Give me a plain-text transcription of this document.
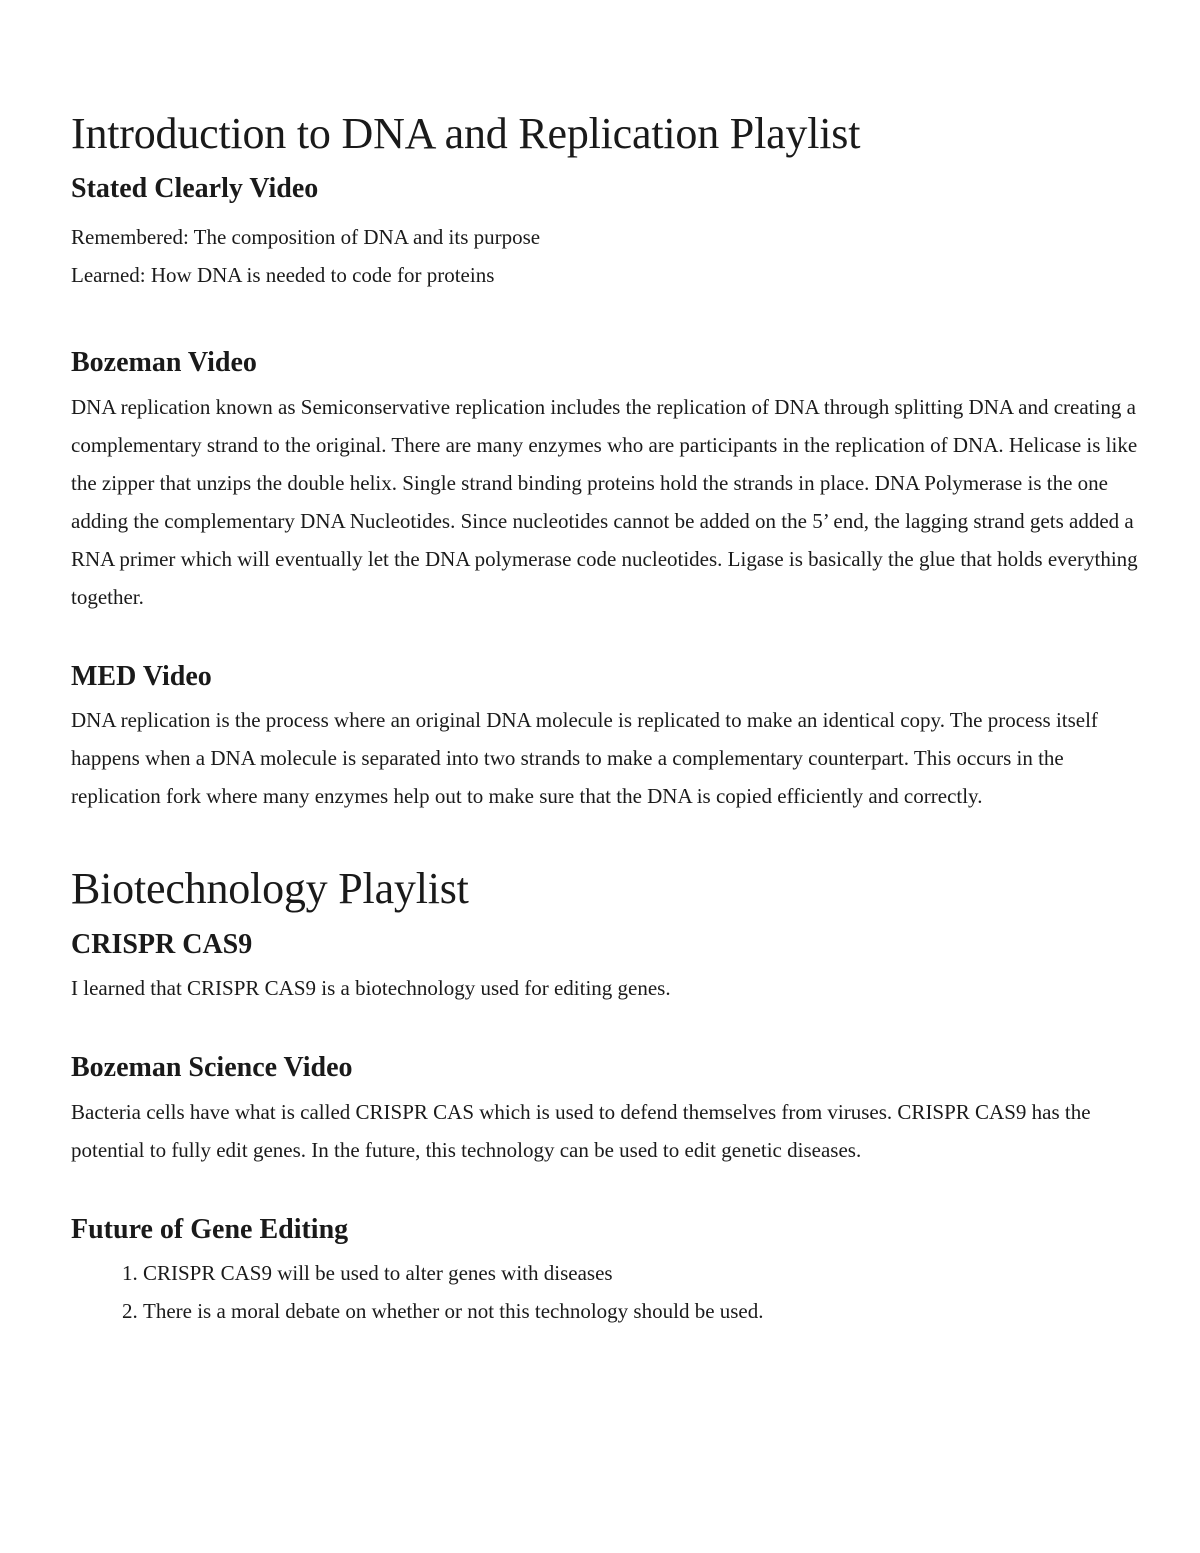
Introduction to DNA and Replication Playlist
Stated Clearly Video

Remembered: The composition of DNA and its purpose
Learned: How DNA is needed to code for proteins

Bozeman Video

DNA replication known as Semiconservative replication includes the replication of DNA through splitting DNA and creating a complementary strand to the original. There are many enzymes who are participants in the replication of DNA. Helicase is like the zipper that unzips the double helix. Single strand binding proteins hold the strands in place. DNA Polymerase is the one adding the complementary DNA Nucleotides. Since nucleotides cannot be added on the 5’ end, the lagging strand gets added a RNA primer which will eventually let the DNA polymerase code nucleotides. Ligase is basically the glue that holds everything together.

MED Video

DNA replication is the process where an original DNA molecule is replicated to make an identical copy. The process itself happens when a DNA molecule is separated into two strands to make a complementary counterpart. This occurs in the replication fork where many enzymes help out to make sure that the DNA is copied efficiently and correctly.

Biotechnology Playlist
CRISPR CAS9

I learned that CRISPR CAS9 is a biotechnology used for editing genes.

Bozeman Science Video

Bacteria cells have what is called CRISPR CAS which is used to defend themselves from viruses. CRISPR CAS9 has the potential to fully edit genes. In the future, this technology can be used to edit genetic diseases.

Future of Gene Editing
1. CRISPR CAS9 will be used to alter genes with diseases
2. There is a moral debate on whether or not this technology should be used.
